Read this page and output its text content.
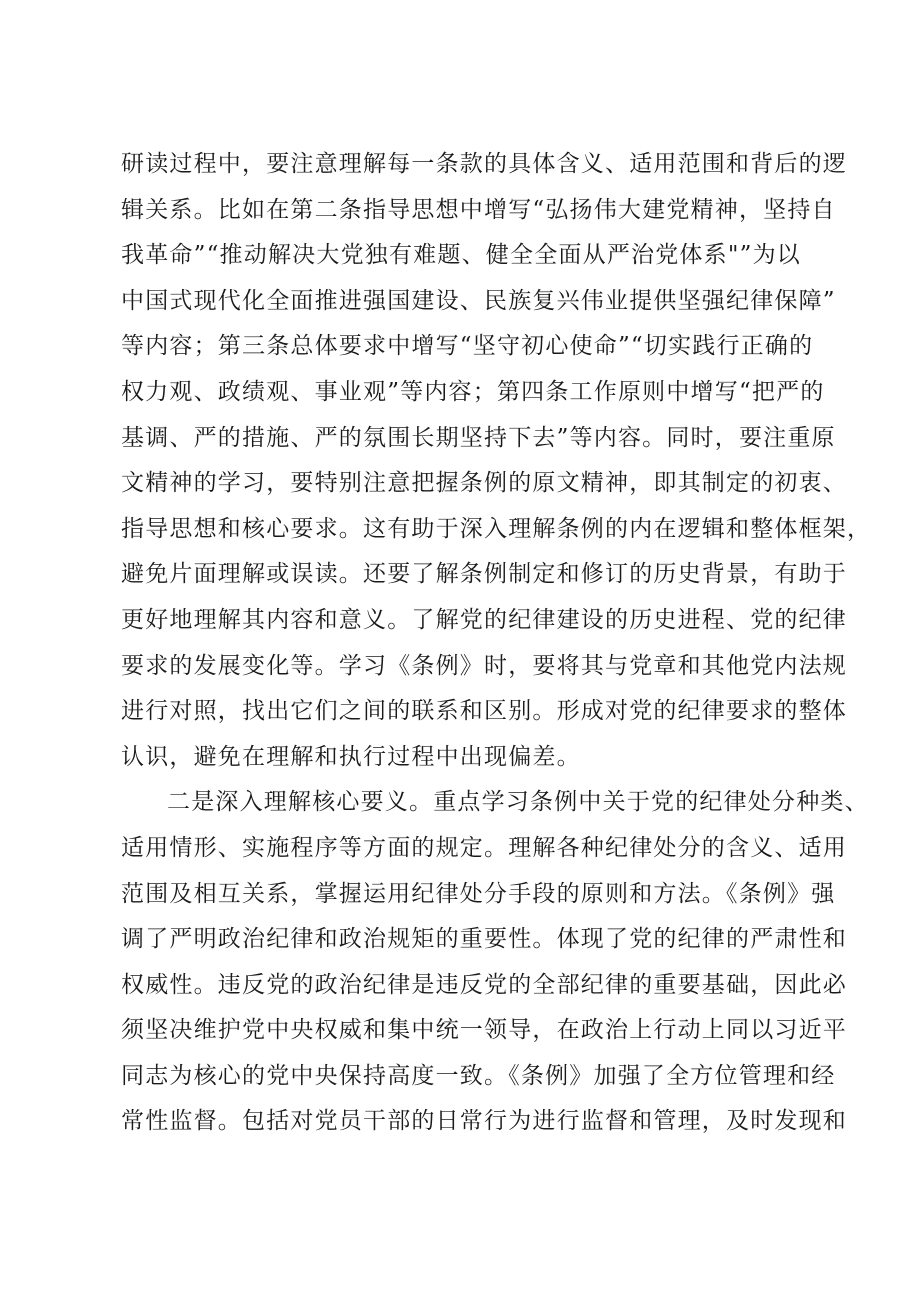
研读过程中，要注意理解每一条款的具体含义、适用范围和背后的逻
辑关系。比如在第二条指导思想中增写“弘扬伟大建党精神，坚持自
我革命”“推动解决大党独有难题、健全全面从严治党体系"”为以
中国式现代化全面推进强国建设、民族复兴伟业提供坚强纪律保障”
等内容；第三条总体要求中增写“坚守初心使命”“切实践行正确的
权力观、政绩观、事业观”等内容；第四条工作原则中增写“把严的
基调、严的措施、严的氛围长期坚持下去”等内容。同时，要注重原
文精神的学习，要特别注意把握条例的原文精神，即其制定的初衷、
指导思想和核心要求。这有助于深入理解条例的内在逻辑和整体框架，
避免片面理解或误读。还要了解条例制定和修订的历史背景，有助于
更好地理解其内容和意义。了解党的纪律建设的历史进程、党的纪律
要求的发展变化等。学习《条例》时，要将其与党章和其他党内法规
进行对照，找出它们之间的联系和区别。形成对党的纪律要求的整体
认识，避免在理解和执行过程中出现偏差。
二是深入理解核心要义。重点学习条例中关于党的纪律处分种类、
适用情形、实施程序等方面的规定。理解各种纪律处分的含义、适用
范围及相互关系，掌握运用纪律处分手段的原则和方法。《条例》强
调了严明政治纪律和政治规矩的重要性。体现了党的纪律的严肃性和
权威性。违反党的政治纪律是违反党的全部纪律的重要基础，因此必
须坚决维护党中央权威和集中统一领导，在政治上行动上同以习近平
同志为核心的党中央保持高度一致。《条例》加强了全方位管理和经
常性监督。包括对党员干部的日常行为进行监督和管理，及时发现和
